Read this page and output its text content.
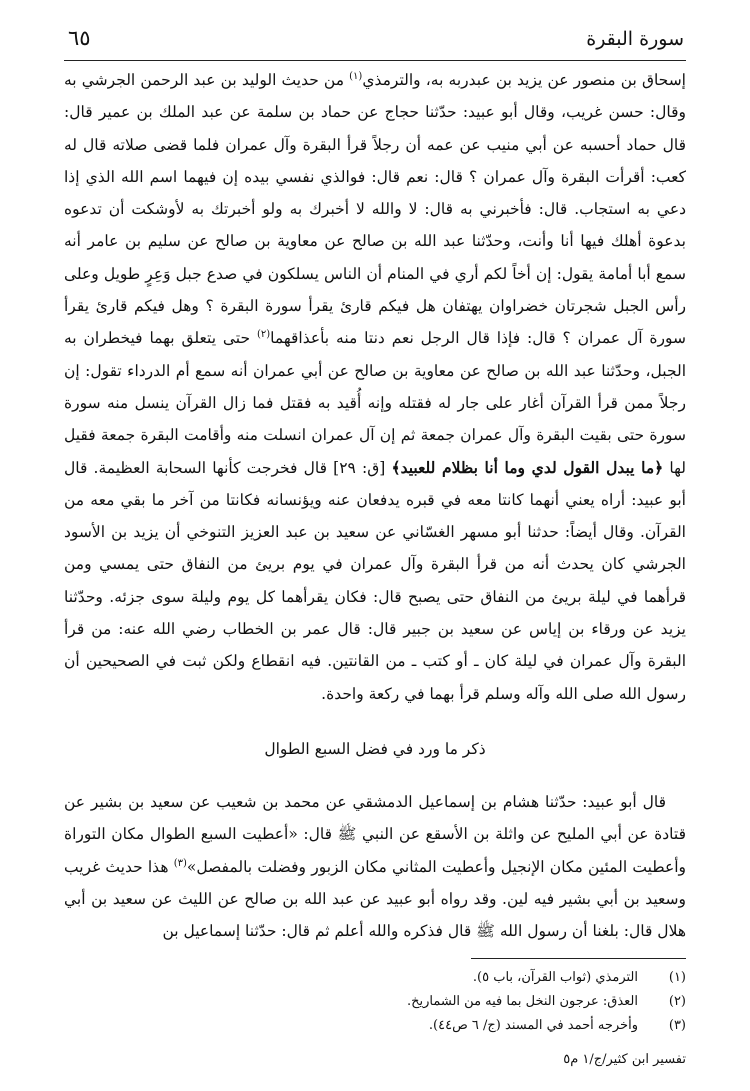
سورة البقرة
٦٥

إسحاق بن منصور عن يزيد بن عبدربه به، والترمذي$^{(١)}$ من حديث الوليد بن عبد الرحمن الجرشي به وقال: حسن غريب، وقال أبو عبيد: حدّثنا حجاج عن حماد بن سلمة عن عبد الملك بن عمير قال: قال حماد أحسبه عن أبي منيب عن عمه أن رجلاً قرأ البقرة وآل عمران فلما قضى صلاته قال له كعب: أقرأت البقرة وآل عمران ؟ قال: نعم قال: فوالذي نفسي بيده إن فيهما اسم الله الذي إذا دعي به استجاب. قال: فأخبرني به قال: لا والله لا أخبرك به ولو أخبرتك به لأوشكت أن تدعوه بدعوة أهلك فيها أنا وأنت، وحدّثنا عبد الله بن صالح عن معاوية بن صالح عن سليم بن عامر أنه سمع أبا أمامة يقول: إن أخاً لكم أري في المنام أن الناس يسلكون في صدع جبل وَعِرٍ طويل وعلى رأس الجبل شجرتان خضراوان يهتفان هل فيكم قارئ يقرأ سورة البقرة ؟ وهل فيكم قارئ يقرأ سورة آل عمران ؟ قال: فإذا قال الرجل نعم دنتا منه بأعذاقهما$^{(٢)}$ حتى يتعلق بهما فيخطران به الجبل، وحدّثنا عبد الله بن صالح عن معاوية بن صالح عن أبي عمران أنه سمع أم الدرداء تقول: إن رجلاً ممن قرأ القرآن أغار على جار له فقتله وإنه أُقيد به فقتل فما زال القرآن ينسل منه سورة سورة حتى بقيت البقرة وآل عمران جمعة ثم إن آل عمران انسلت منه وأقامت البقرة جمعة فقيل لها ﴿ما يبدل القول لدي وما أنا بظلام للعبيد﴾ [ق: ٢٩] قال فخرجت كأنها السحابة العظيمة. قال أبو عبيد: أراه يعني أنهما كانتا معه في قبره يدفعان عنه ويؤنسانه فكانتا من آخر ما بقي معه من القرآن. وقال أيضاً: حدثنا أبو مسهر الغسّاني عن سعيد بن عبد العزيز التنوخي أن يزيد بن الأسود الجرشي كان يحدث أنه من قرأ البقرة وآل عمران في يوم بريئ من النفاق حتى يمسي ومن قرأهما في ليلة بريئ من النفاق حتى يصبح قال: فكان يقرأهما كل يوم وليلة سوى جزئه. وحدّثنا يزيد عن ورقاء بن إياس عن سعيد بن جبير قال: قال عمر بن الخطاب رضي الله عنه: من قرأ البقرة وآل عمران في ليلة كان ـ أو كتب ـ من القانتين. فيه انقطاع ولكن ثبت في الصحيحين أن رسول الله صلى الله وآله وسلم قرأ بهما في ركعة واحدة.

ذكر ما ورد في فضل السبع الطوال

قال أبو عبيد: حدّثنا هشام بن إسماعيل الدمشقي عن محمد بن شعيب عن سعيد بن بشير عن قتادة عن أبي المليح عن واثلة بن الأسقع عن النبي ﷺ قال: «أعطيت السبع الطوال مكان التوراة وأعطيت المئين مكان الإنجيل وأعطيت المثاني مكان الزبور وفضلت بالمفصل»$^{(٣)}$ هذا حديث غريب وسعيد بن أبي بشير فيه لين. وقد رواه أبو عبيد عن عبد الله بن صالح عن الليث عن سعيد بن أبي هلال قال: بلغنا أن رسول الله ﷺ قال فذكره والله أعلم ثم قال: حدّثنا إسماعيل بن

(١)
الترمذي (ثواب القرآن، باب ٥).
(٢)
العذق: عرجون النخل بما فيه من الشماريخ.
(٣)
وأخرجه أحمد في المسند (ج/ ٦ ص٤٤).
تفسير ابن كثير/ج/١ م٥
